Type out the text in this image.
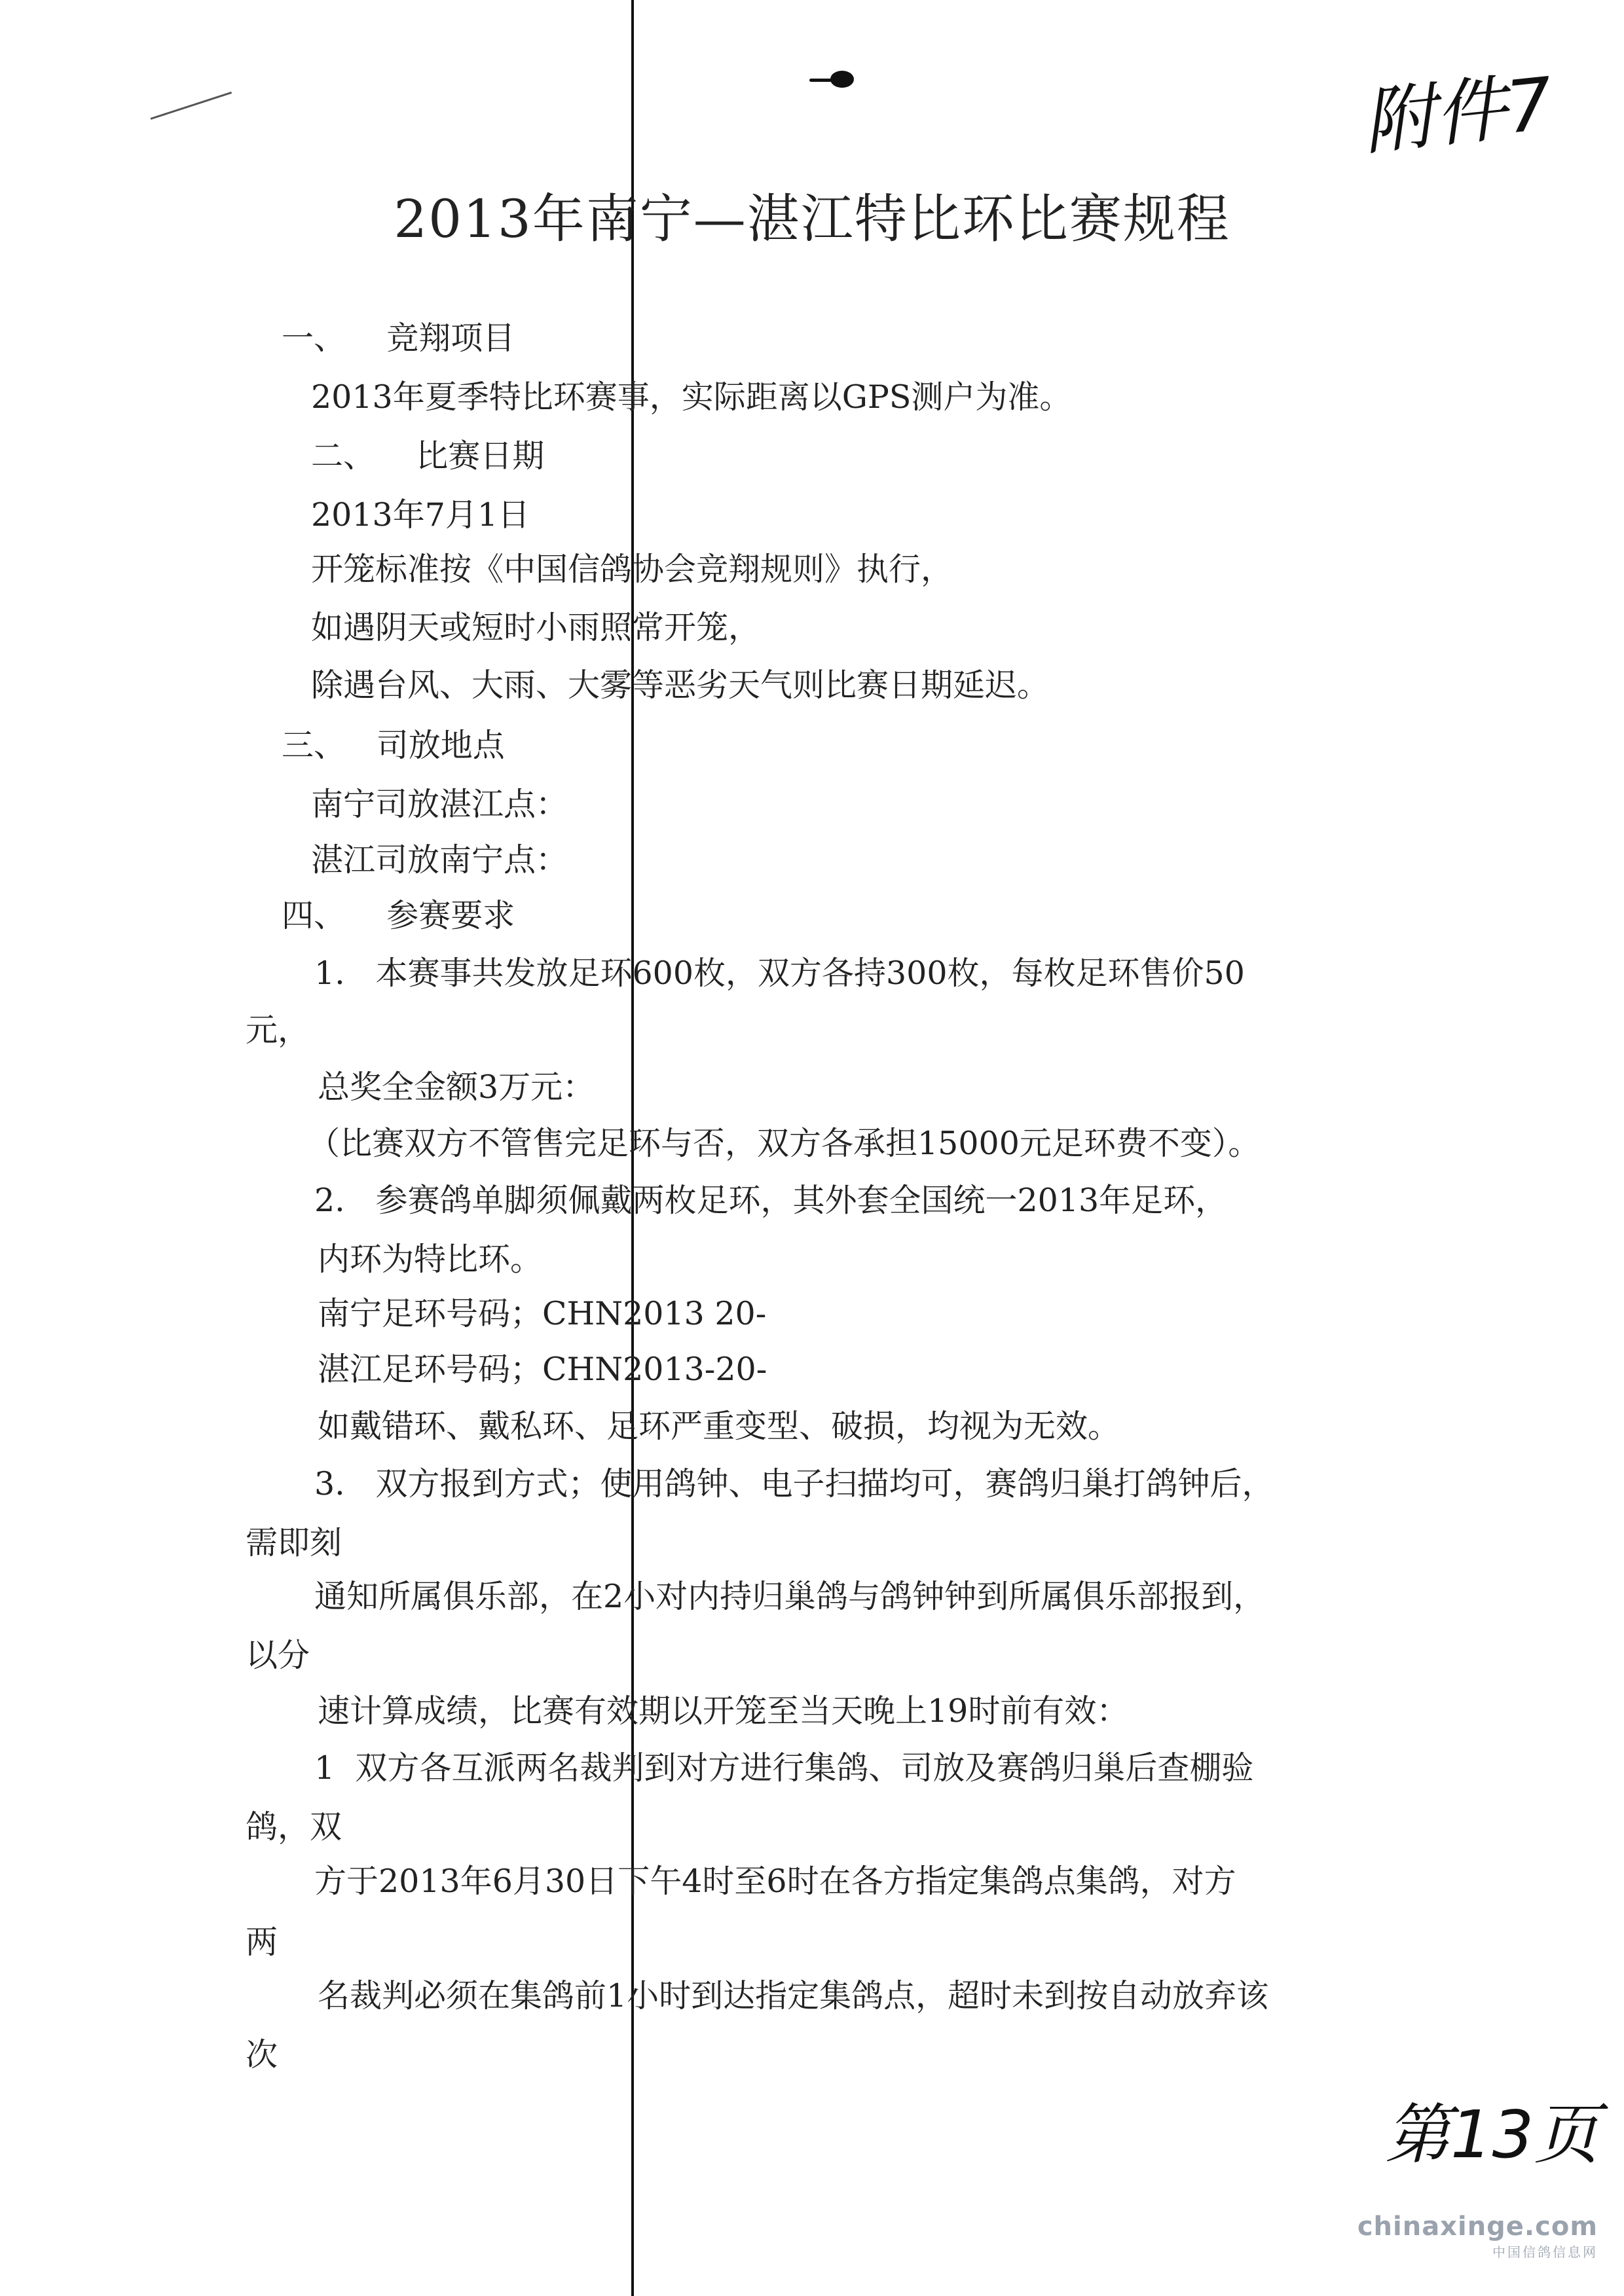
附件7
2013年南宁—湛江特比环比赛规程
一、    竞翔项目
2013年夏季特比环赛事，实际距离以GPS测户为准。
二、    比赛日期
2013年7月1日
开笼标准按《中国信鸽协会竞翔规则》执行，
如遇阴天或短时小雨照常开笼，
除遇台风、大雨、大雾等恶劣天气则比赛日期延迟。
三、   司放地点
南宁司放湛江点：
湛江司放南宁点：
四、    参赛要求
1.   本赛事共发放足环600枚，双方各持300枚，每枚足环售价50
元，
总奖全金额3万元：
（比赛双方不管售完足环与否，双方各承担15000元足环费不变）。
2.   参赛鸽单脚须佩戴两枚足环，其外套全国统一2013年足环，
内环为特比环。
南宁足环号码；CHN2013 20-
湛江足环号码；CHN2013-20-
如戴错环、戴私环、足环严重变型、破损，均视为无效。
3.   双方报到方式；使用鸽钟、电子扫描均可，赛鸽归巢打鸽钟后，
需即刻
通知所属俱乐部，在2小对内持归巢鸽与鸽钟钟到所属俱乐部报到，
以分
速计算成绩，比赛有效期以开笼至当天晚上19时前有效：
1  双方各互派两名裁判到对方进行集鸽、司放及赛鸽归巢后查棚验
鸽，双
方于2013年6月30日下午4时至6时在各方指定集鸽点集鸽，对方
两
名裁判必须在集鸽前1小时到达指定集鸽点，超时未到按自动放弃该
次
第13页
chinaxinge.com
中国信鸽信息网
